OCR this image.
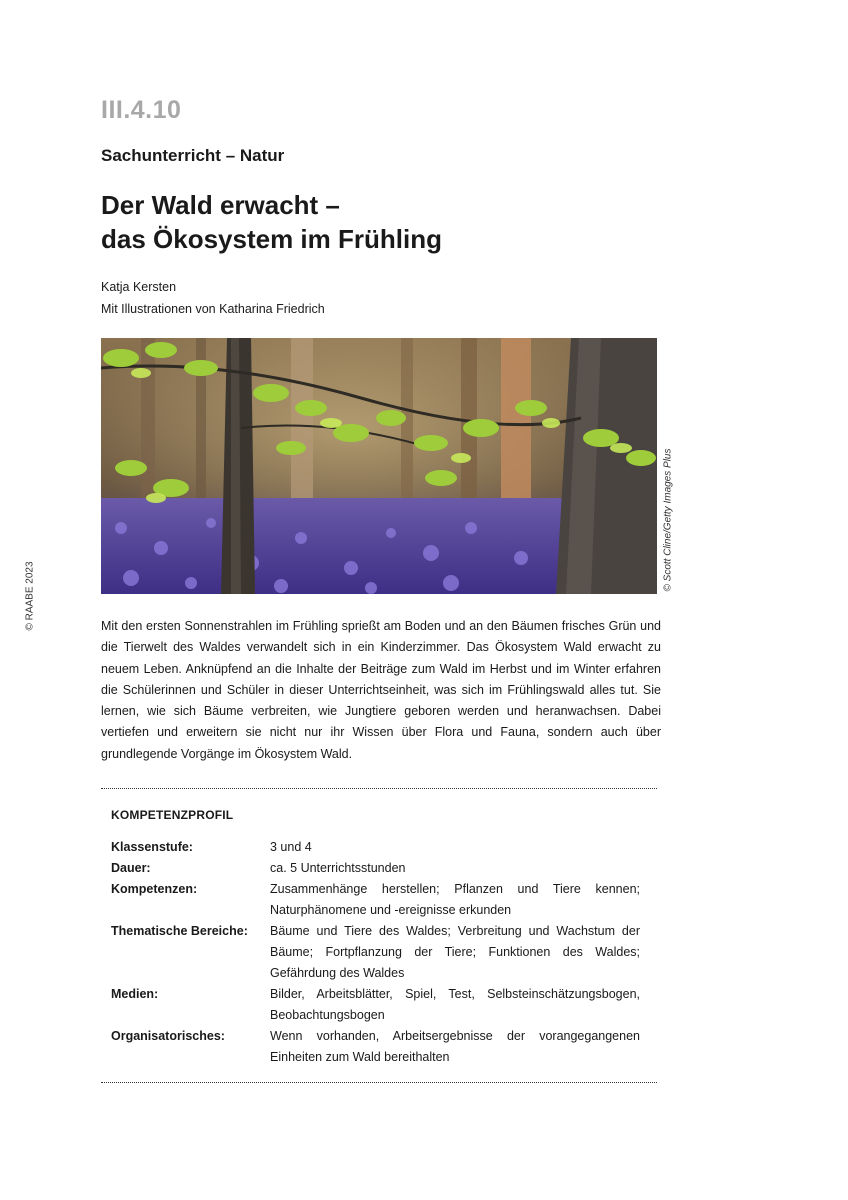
© RAABE 2023
III.4.10
Sachunterricht – Natur
Der Wald erwacht –
das Ökosystem im Frühling
Katja Kersten
Mit Illustrationen von Katharina Friedrich
© Scott Cline/Getty Images Plus

Mit den ersten Sonnenstrahlen im Frühling sprießt am Boden und an den Bäumen frisches Grün und die Tierwelt des Waldes verwandelt sich in ein Kinderzimmer. Das Ökosystem Wald erwacht zu neuem Leben. Anknüpfend an die Inhalte der Beiträge zum Wald im Herbst und im Winter erfahren die Schülerinnen und Schüler in dieser Unterrichtseinheit, was sich im Frühlingswald alles tut. Sie lernen, wie sich Bäume verbreiten, wie Jungtiere geboren werden und heranwachsen. Dabei vertiefen und erweitern sie nicht nur ihr Wissen über Flora und Fauna, sondern auch über grundlegende Vorgänge im Ökosystem Wald.

KOMPETENZPROFIL
Klassenstufe:	3 und 4
Dauer:	ca. 5 Unterrichtsstunden
Kompetenzen:	Zusammenhänge herstellen; Pflanzen und Tiere kennen; Naturphänomene und -ereignisse erkunden
Thematische Bereiche:	Bäume und Tiere des Waldes; Verbreitung und Wachstum der Bäume; Fortpflanzung der Tiere; Funktionen des Waldes; Gefährdung des Waldes
Medien:	Bilder, Arbeitsblätter, Spiel, Test, Selbsteinschätzungsbogen, Beobachtungsbogen
Organisatorisches:	Wenn vorhanden, Arbeitsergebnisse der vorangegangenen Einheiten zum Wald bereithalten
